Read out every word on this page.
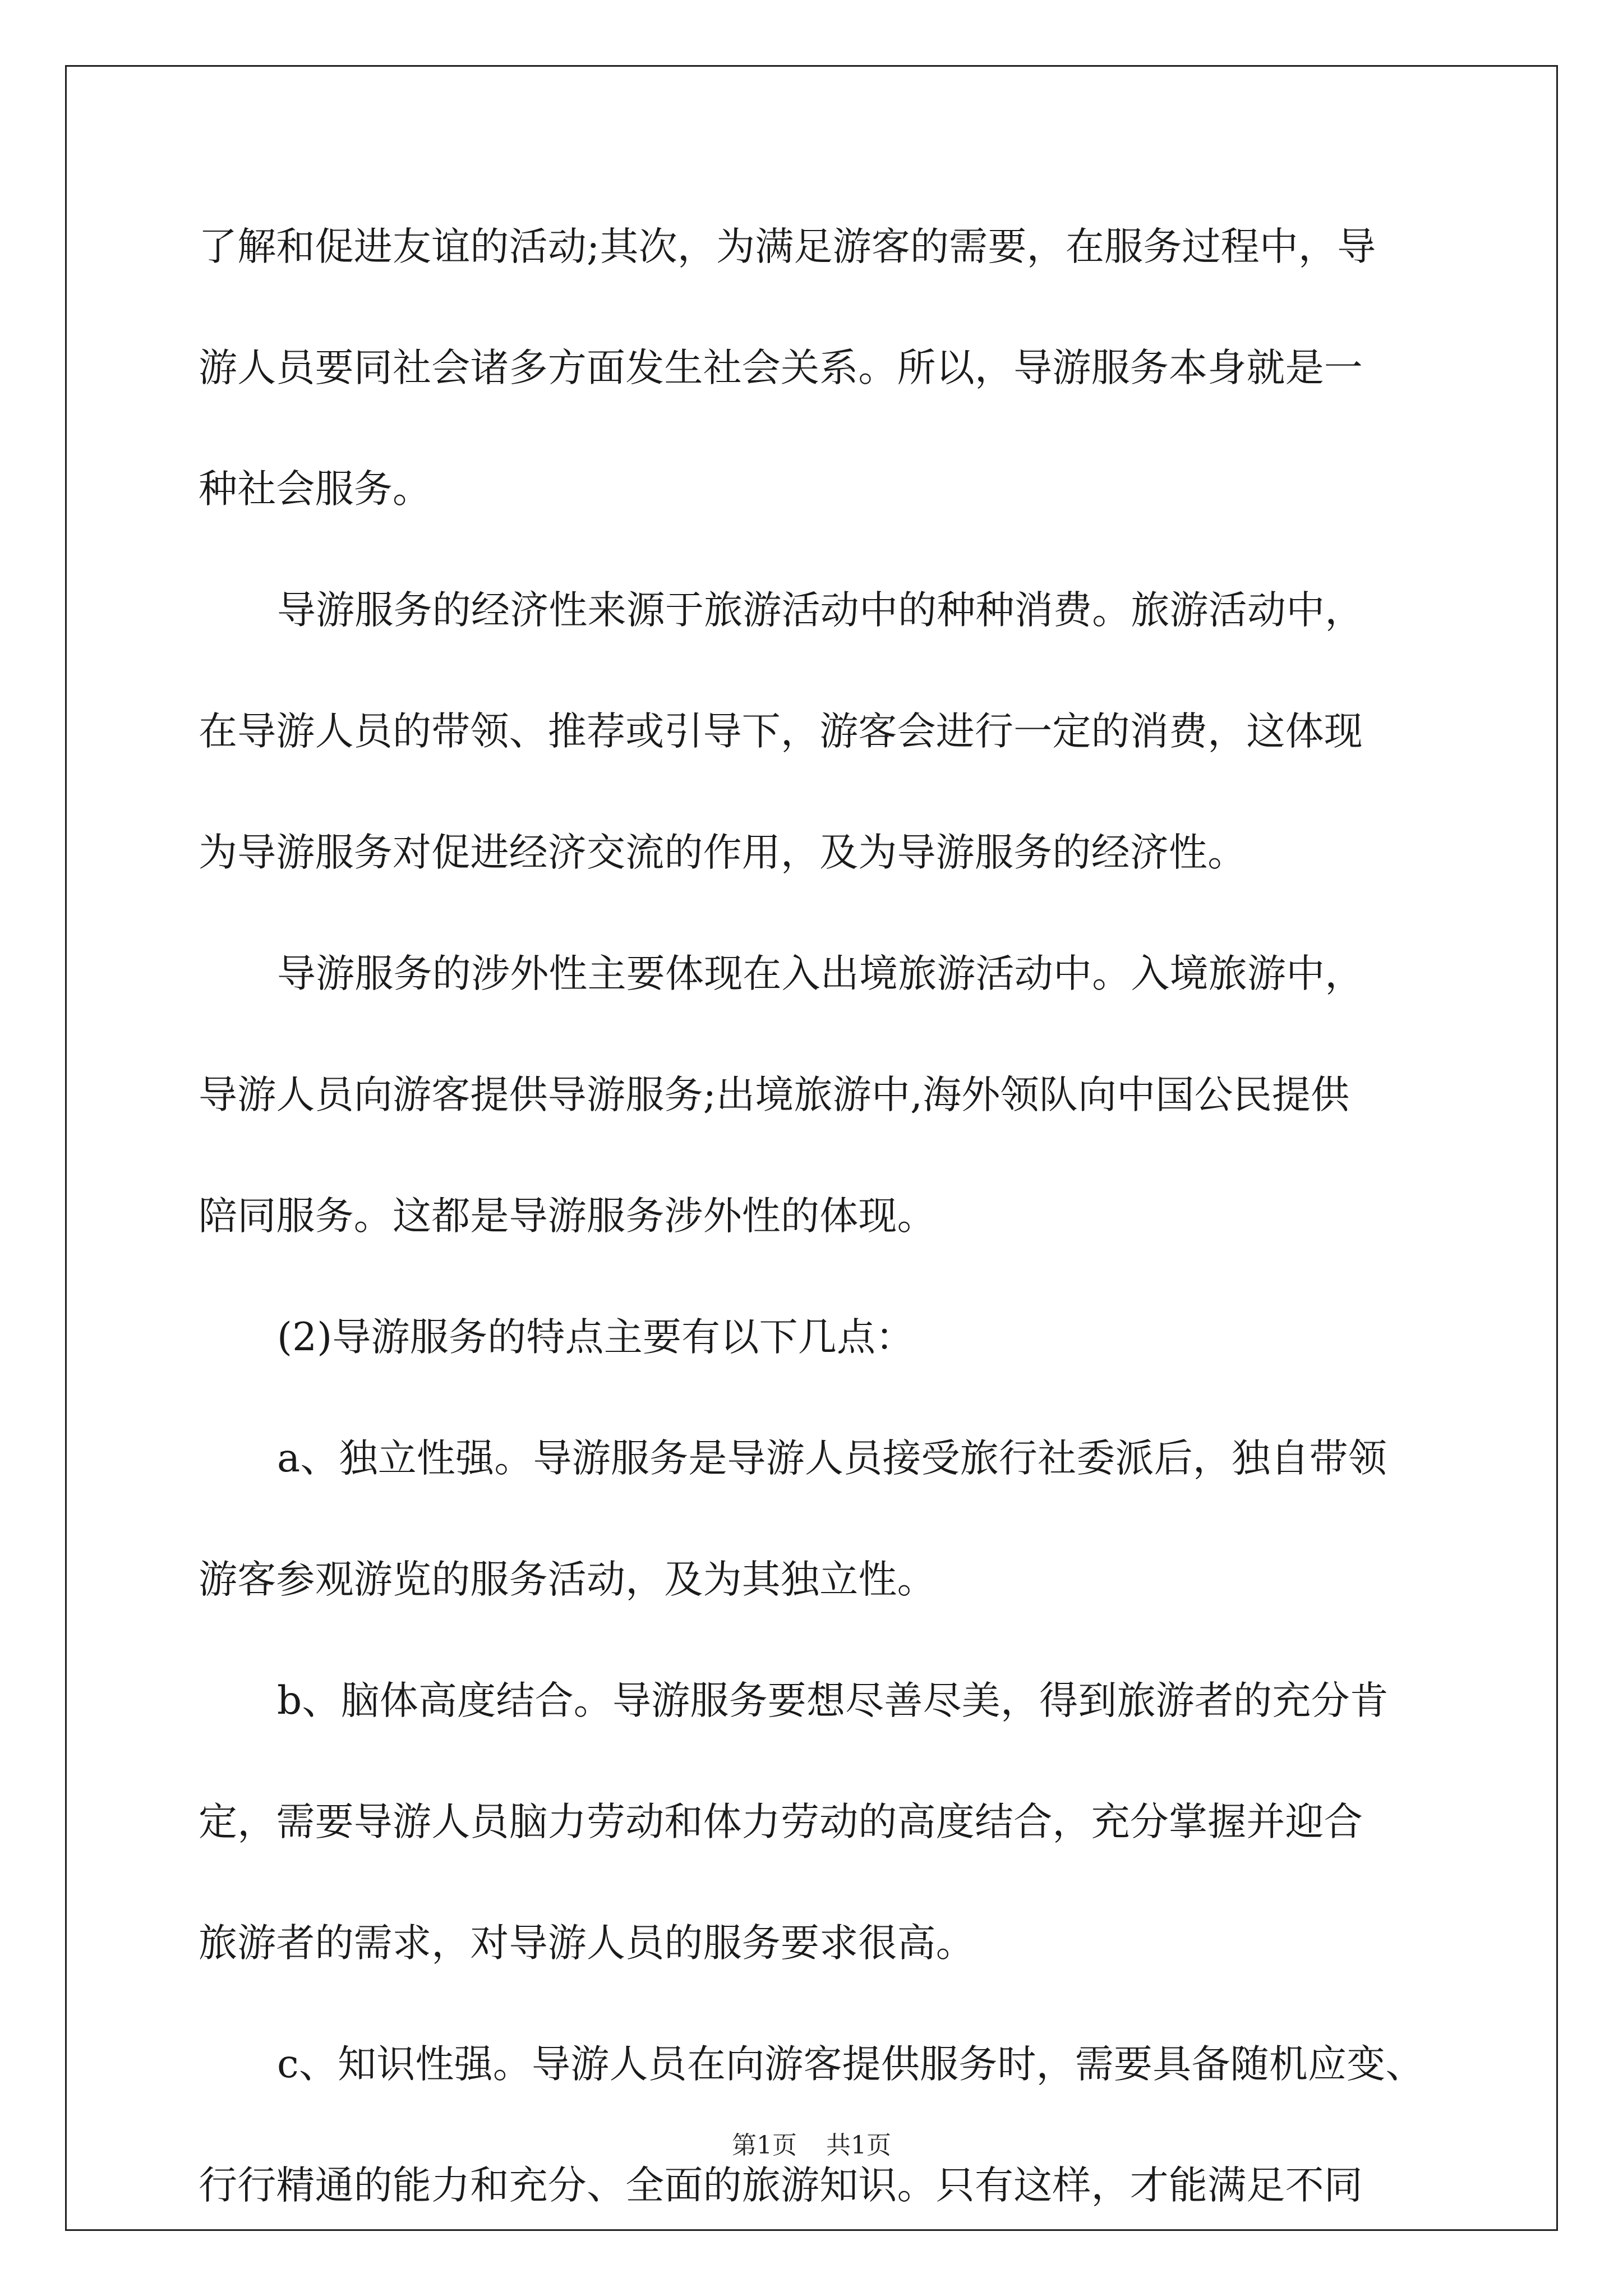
了解和促进友谊的活动;其次，为满足游客的需要，在服务过程中，导
游人员要同社会诸多方面发生社会关系。所以，导游服务本身就是一
种社会服务。
导游服务的经济性来源于旅游活动中的种种消费。旅游活动中，
在导游人员的带领、推荐或引导下，游客会进行一定的消费，这体现
为导游服务对促进经济交流的作用，及为导游服务的经济性。
导游服务的涉外性主要体现在入出境旅游活动中。入境旅游中，
导游人员向游客提供导游服务;出境旅游中,海外领队向中国公民提供
陪同服务。这都是导游服务涉外性的体现。
(2)导游服务的特点主要有以下几点：
a、独立性强。导游服务是导游人员接受旅行社委派后，独自带领
游客参观游览的服务活动，及为其独立性。
b、脑体高度结合。导游服务要想尽善尽美，得到旅游者的充分肯
定，需要导游人员脑力劳动和体力劳动的高度结合，充分掌握并迎合
旅游者的需求，对导游人员的服务要求很高。
c、知识性强。导游人员在向游客提供服务时，需要具备随机应变、
行行精通的能力和充分、全面的旅游知识。只有这样，才能满足不同
第1页 共1页
